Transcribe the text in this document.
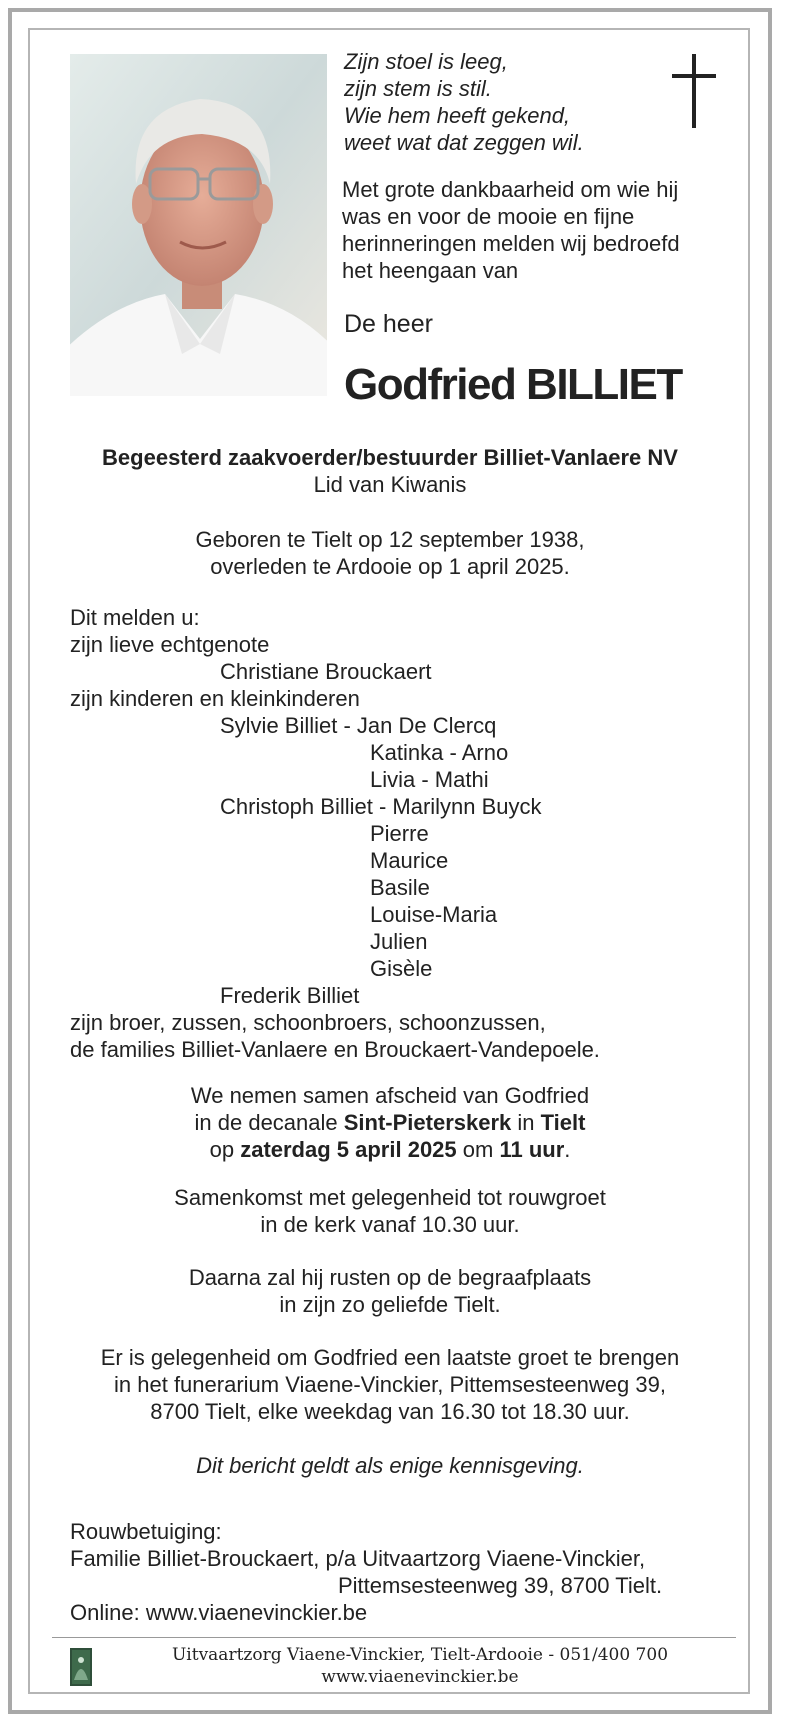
Zijn stoel is leeg,
zijn stem is stil.
Wie hem heeft gekend,
weet wat dat zeggen wil.
Met grote dankbaarheid om wie hij
was en voor de mooie en fijne
herinneringen melden wij bedroefd
het heengaan van
De heer
Godfried BILLIET
Begeesterd zaakvoerder/bestuurder Billiet-Vanlaere NV
Lid van Kiwanis
Geboren te Tielt op 12 september 1938,
overleden te Ardooie op 1 april 2025.
Dit melden u:
zijn lieve echtgenote
Christiane Brouckaert
zijn kinderen en kleinkinderen
Sylvie Billiet - Jan De Clercq
Katinka - Arno
Livia - Mathi
Christoph Billiet - Marilynn Buyck
Pierre
Maurice
Basile
Louise-Maria
Julien
Gisèle
Frederik Billiet
zijn broer, zussen, schoonbroers, schoonzussen,
de families Billiet-Vanlaere en Brouckaert-Vandepoele.
We nemen samen afscheid van Godfried
in de decanale Sint-Pieterskerk in Tielt
op zaterdag 5 april 2025 om 11 uur.
Samenkomst met gelegenheid tot rouwgroet
in de kerk vanaf 10.30 uur.
Daarna zal hij rusten op de begraafplaats
in zijn zo geliefde Tielt.
Er is gelegenheid om Godfried een laatste groet te brengen
in het funerarium Viaene-Vinckier, Pittemsesteenweg 39,
8700 Tielt, elke weekdag van 16.30 tot 18.30 uur.
Dit bericht geldt als enige kennisgeving.
Rouwbetuiging:
Familie Billiet-Brouckaert, p/a Uitvaartzorg Viaene-Vinckier,
Pittemsesteenweg 39, 8700 Tielt.
Online: www.viaenevinckier.be
Uitvaartzorg Viaene-Vinckier, Tielt-Ardooie - 051/400 700
www.viaenevinckier.be
